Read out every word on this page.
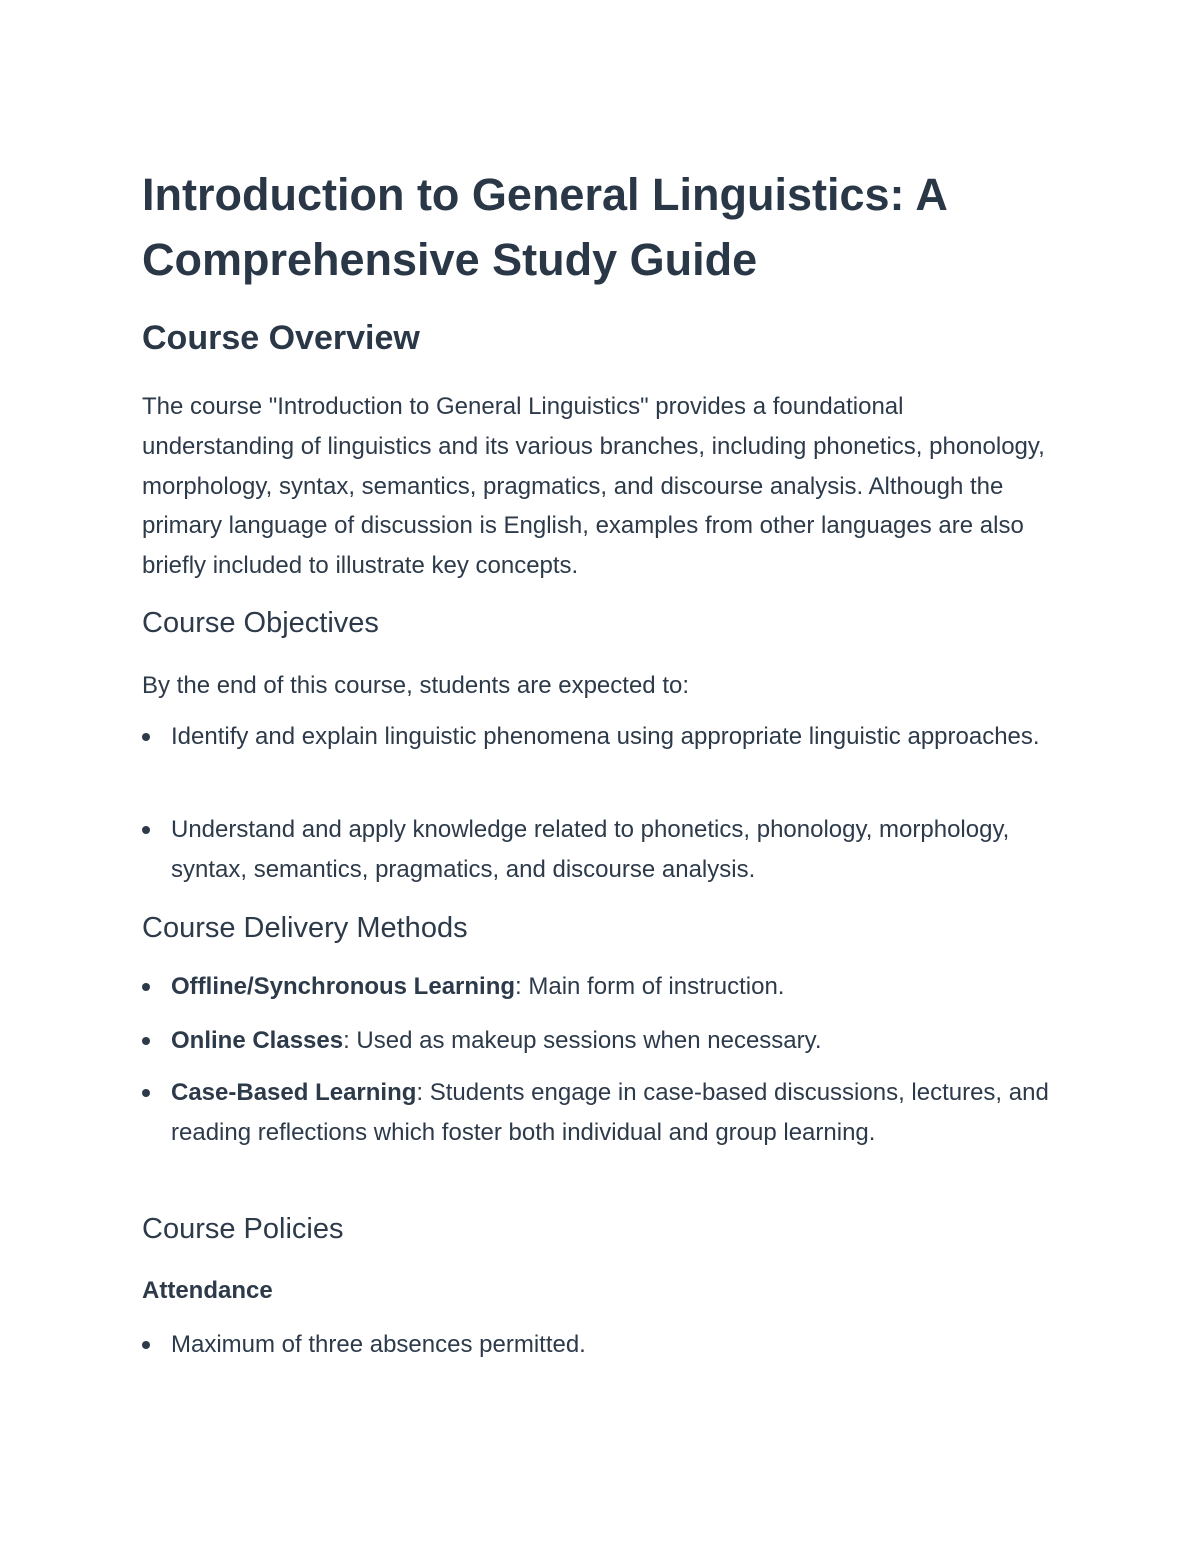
Introduction to General Linguistics: A Comprehensive Study Guide
Course Overview

The course "Introduction to General Linguistics" provides a foundational understanding of linguistics and its various branches, including phonetics, phonology, morphology, syntax, semantics, pragmatics, and discourse analysis. Although the primary language of discussion is English, examples from other languages are also briefly included to illustrate key concepts.

Course Objectives

By the end of this course, students are expected to:

Identify and explain linguistic phenomena using appropriate linguistic approaches.

Understand and apply knowledge related to phonetics, phonology, morphology, syntax, semantics, pragmatics, and discourse analysis.

Course Delivery Methods

Offline/Synchronous Learning: Main form of instruction.

Online Classes: Used as makeup sessions when necessary.

Case-Based Learning: Students engage in case-based discussions, lectures, and reading reflections which foster both individual and group learning.

Course Policies
Attendance

Maximum of three absences permitted.
